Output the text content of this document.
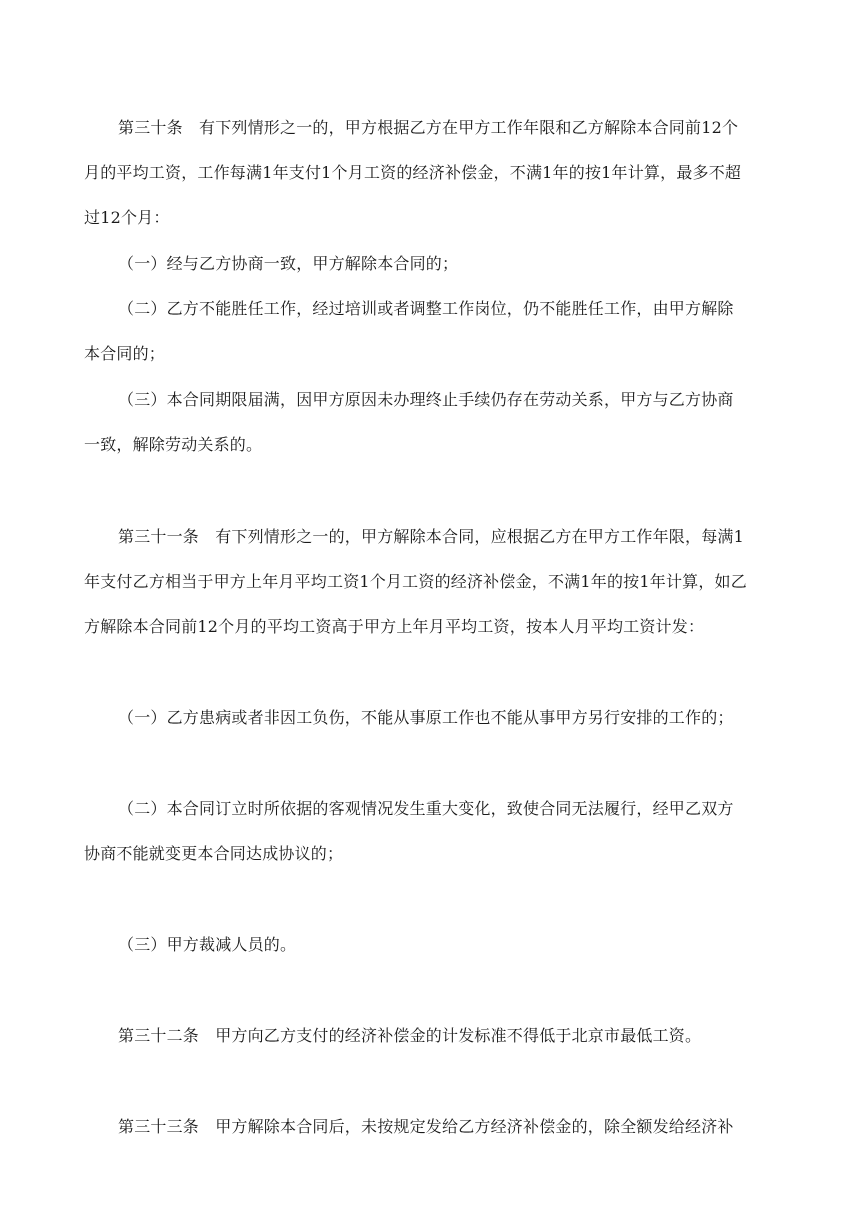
第三十条　有下列情形之一的，甲方根据乙方在甲方工作年限和乙方解除本合同前12个
月的平均工资，工作每满1年支付1个月工资的经济补偿金，不满1年的按1年计算，最多不超
过12个月：
（一）经与乙方协商一致，甲方解除本合同的；
（二）乙方不能胜任工作，经过培训或者调整工作岗位，仍不能胜任工作，由甲方解除
本合同的；
（三）本合同期限届满，因甲方原因未办理终止手续仍存在劳动关系，甲方与乙方协商
一致，解除劳动关系的。
第三十一条　有下列情形之一的，甲方解除本合同，应根据乙方在甲方工作年限，每满1
年支付乙方相当于甲方上年月平均工资1个月工资的经济补偿金，不满1年的按1年计算，如乙
方解除本合同前12个月的平均工资高于甲方上年月平均工资，按本人月平均工资计发：
（一）乙方患病或者非因工负伤，不能从事原工作也不能从事甲方另行安排的工作的；
（二）本合同订立时所依据的客观情况发生重大变化，致使合同无法履行，经甲乙双方
协商不能就变更本合同达成协议的；
（三）甲方裁减人员的。
第三十二条　甲方向乙方支付的经济补偿金的计发标准不得低于北京市最低工资。
第三十三条　甲方解除本合同后，未按规定发给乙方经济补偿金的，除全额发给经济补
